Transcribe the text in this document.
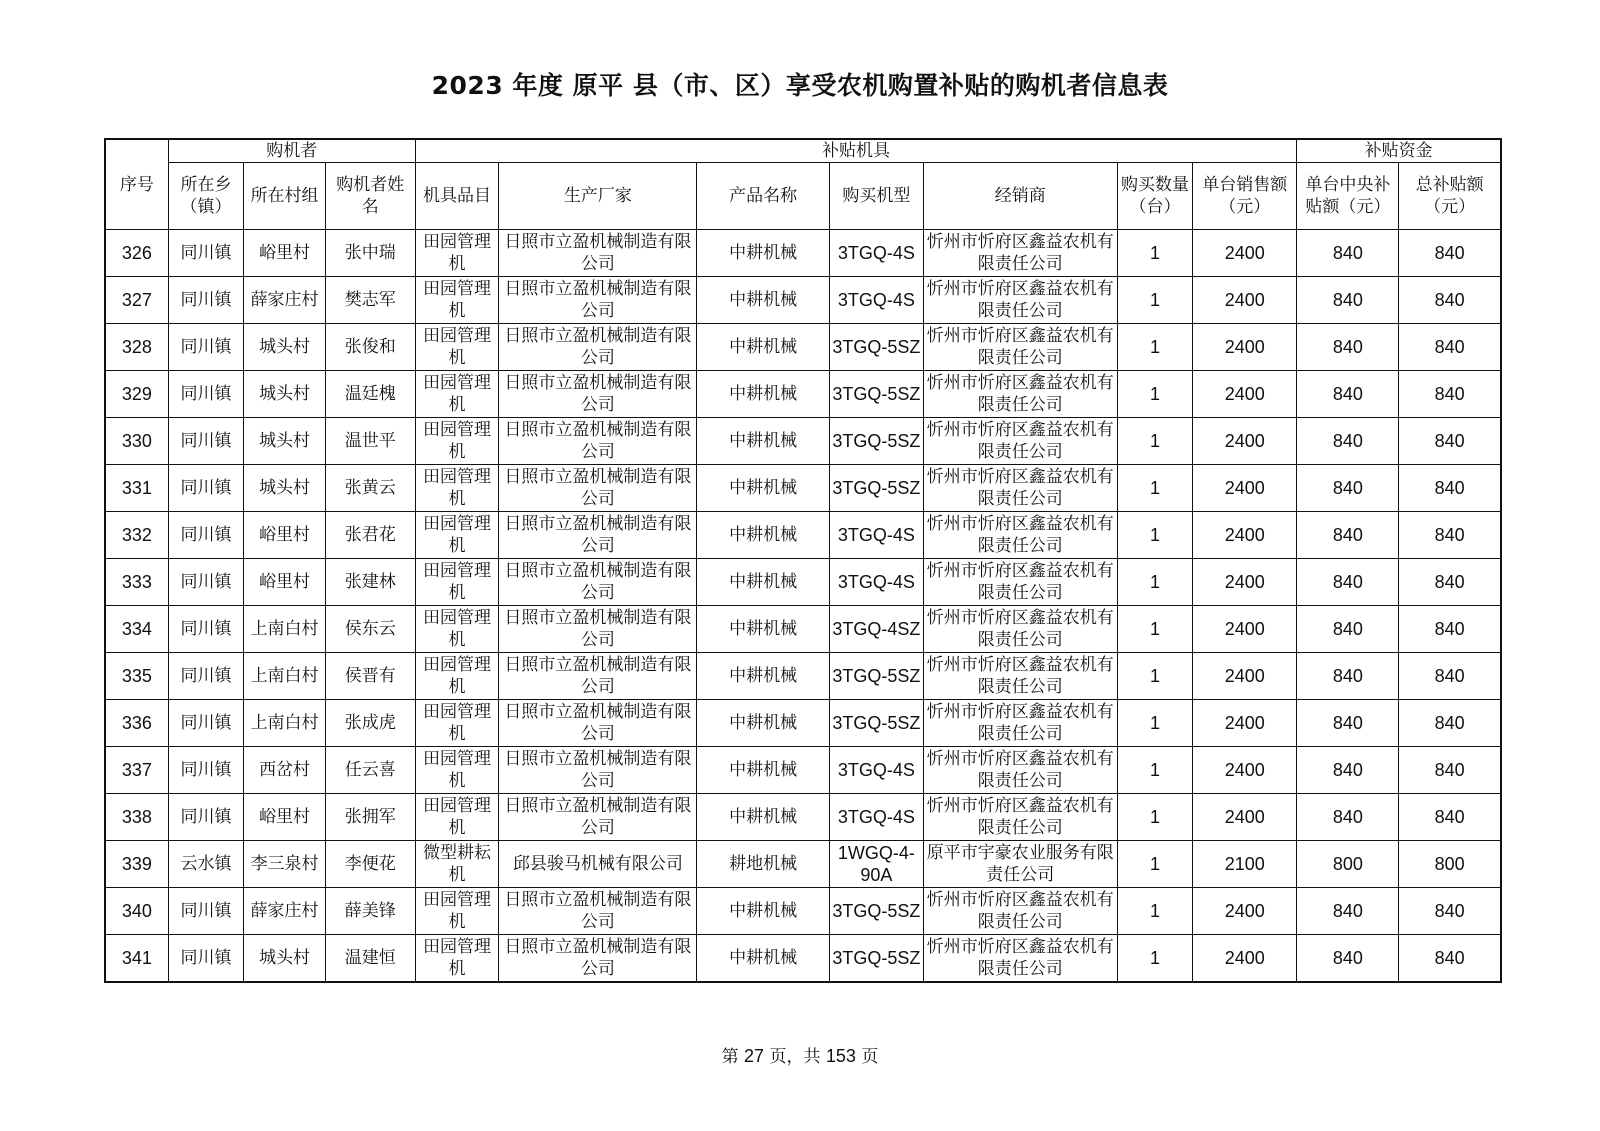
2023 年度 原平 县（市、区）享受农机购置补贴的购机者信息表
序号	购机者			补贴机具							补贴资金	
	所在乡（镇）	所在村组	购机者姓名	机具品目	生产厂家	产品名称	购买机型	经销商	购买数量（台）	单台销售额（元）	单台中央补贴额（元）	总补贴额（元）
326	同川镇	峪里村	张中瑞	田园管理机	日照市立盈机械制造有限公司	中耕机械	3TGQ-4S	忻州市忻府区鑫益农机有限责任公司	1	2400	840	840
327	同川镇	薛家庄村	樊志军	田园管理机	日照市立盈机械制造有限公司	中耕机械	3TGQ-4S	忻州市忻府区鑫益农机有限责任公司	1	2400	840	840
328	同川镇	城头村	张俊和	田园管理机	日照市立盈机械制造有限公司	中耕机械	3TGQ-5SZ	忻州市忻府区鑫益农机有限责任公司	1	2400	840	840
329	同川镇	城头村	温廷槐	田园管理机	日照市立盈机械制造有限公司	中耕机械	3TGQ-5SZ	忻州市忻府区鑫益农机有限责任公司	1	2400	840	840
330	同川镇	城头村	温世平	田园管理机	日照市立盈机械制造有限公司	中耕机械	3TGQ-5SZ	忻州市忻府区鑫益农机有限责任公司	1	2400	840	840
331	同川镇	城头村	张黄云	田园管理机	日照市立盈机械制造有限公司	中耕机械	3TGQ-5SZ	忻州市忻府区鑫益农机有限责任公司	1	2400	840	840
332	同川镇	峪里村	张君花	田园管理机	日照市立盈机械制造有限公司	中耕机械	3TGQ-4S	忻州市忻府区鑫益农机有限责任公司	1	2400	840	840
333	同川镇	峪里村	张建林	田园管理机	日照市立盈机械制造有限公司	中耕机械	3TGQ-4S	忻州市忻府区鑫益农机有限责任公司	1	2400	840	840
334	同川镇	上南白村	侯东云	田园管理机	日照市立盈机械制造有限公司	中耕机械	3TGQ-4SZ	忻州市忻府区鑫益农机有限责任公司	1	2400	840	840
335	同川镇	上南白村	侯晋有	田园管理机	日照市立盈机械制造有限公司	中耕机械	3TGQ-5SZ	忻州市忻府区鑫益农机有限责任公司	1	2400	840	840
336	同川镇	上南白村	张成虎	田园管理机	日照市立盈机械制造有限公司	中耕机械	3TGQ-5SZ	忻州市忻府区鑫益农机有限责任公司	1	2400	840	840
337	同川镇	西岔村	任云喜	田园管理机	日照市立盈机械制造有限公司	中耕机械	3TGQ-4S	忻州市忻府区鑫益农机有限责任公司	1	2400	840	840
338	同川镇	峪里村	张拥军	田园管理机	日照市立盈机械制造有限公司	中耕机械	3TGQ-4S	忻州市忻府区鑫益农机有限责任公司	1	2400	840	840
339	云水镇	李三泉村	李便花	微型耕耘机	邱县骏马机械有限公司	耕地机械	1WGQ-4-90A	原平市宇豪农业服务有限责任公司	1	2100	800	800
340	同川镇	薛家庄村	薛美锋	田园管理机	日照市立盈机械制造有限公司	中耕机械	3TGQ-5SZ	忻州市忻府区鑫益农机有限责任公司	1	2400	840	840
341	同川镇	城头村	温建恒	田园管理机	日照市立盈机械制造有限公司	中耕机械	3TGQ-5SZ	忻州市忻府区鑫益农机有限责任公司	1	2400	840	840
第 27 页，共 153 页
